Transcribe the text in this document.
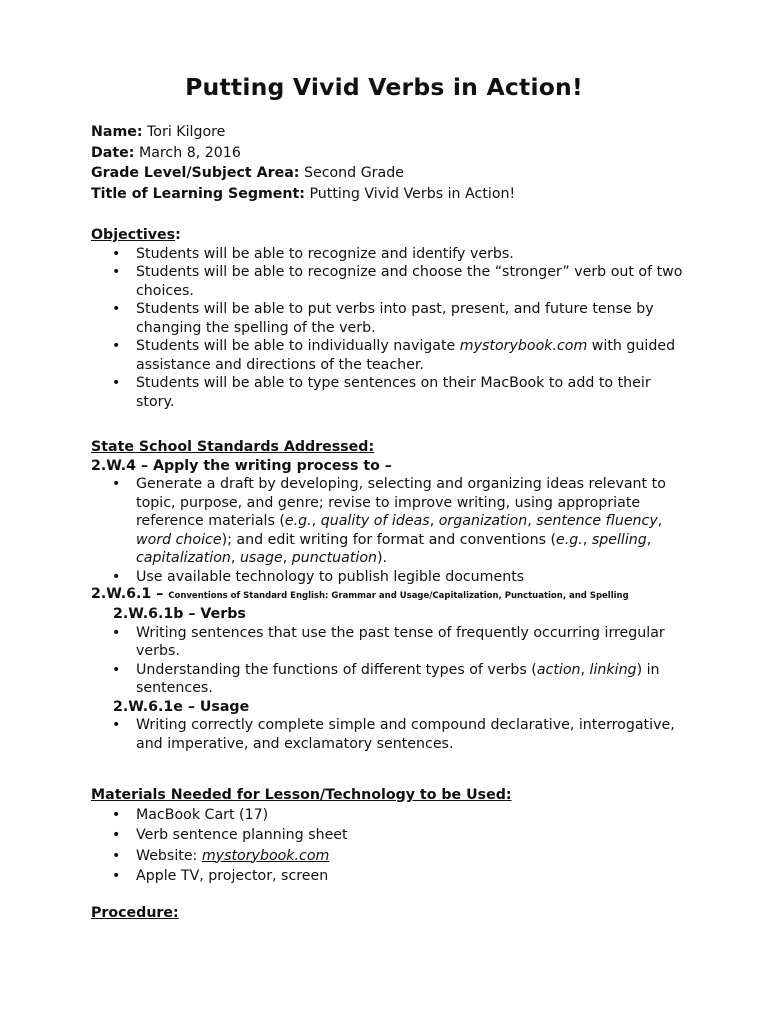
Putting Vivid Verbs in Action!

Name: Tori Kilgore

Date: March 8, 2016

Grade Level/Subject Area: Second Grade

Title of Learning Segment: Putting Vivid Verbs in Action!

Objectives:
• Students will be able to recognize and identify verbs.
• Students will be able to recognize and choose the “stronger” verb out of two choices.
• Students will be able to put verbs into past, present, and future tense by changing the spelling of the verb.
• Students will be able to individually navigate mystorybook.com with guided assistance and directions of the teacher.
• Students will be able to type sentences on their MacBook to add to their story.
State School Standards Addressed:

2.W.4 – Apply the writing process to –

• Generate a draft by developing, selecting and organizing ideas relevant to topic, purpose, and genre; revise to improve writing, using appropriate reference materials (e.g., quality of ideas, organization, sentence fluency, word choice); and edit writing for format and conventions (e.g., spelling, capitalization, usage, punctuation).
• Use available technology to publish legible documents

2.W.6.1 – Conventions of Standard English: Grammar and Usage/Capitalization, Punctuation, and Spelling

2.W.6.1b – Verbs

• Writing sentences that use the past tense of frequently occurring irregular verbs.
• Understanding the functions of different types of verbs (action, linking) in sentences.

2.W.6.1e – Usage

• Writing correctly complete simple and compound declarative, interrogative, and imperative, and exclamatory sentences.
Materials Needed for Lesson/Technology to be Used:
• MacBook Cart (17)
• Verb sentence planning sheet
• Website: mystorybook.com
• Apple TV, projector, screen
Procedure:
